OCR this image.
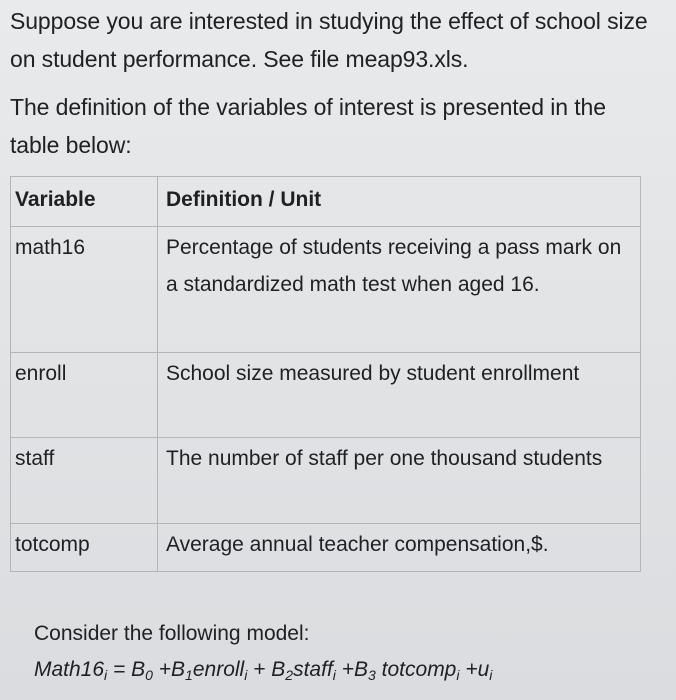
Suppose you are interested in studying the effect of school size on student performance. See file meap93.xls.

The definition of the variables of interest is presented in the table below:

Variable	Definition / Unit
math16	Percentage of students receiving a pass mark on a standardized math test when aged 16.
enroll	School size measured by student enrollment
staff	The number of staff per one thousand students
totcomp	Average annual teacher compensation,$.
Consider the following model:
$Math16_i = B_0$ $+B_1enroll_i$ + $B_2staff_i +B_3$ totcomp$_i$ $+u_i$
